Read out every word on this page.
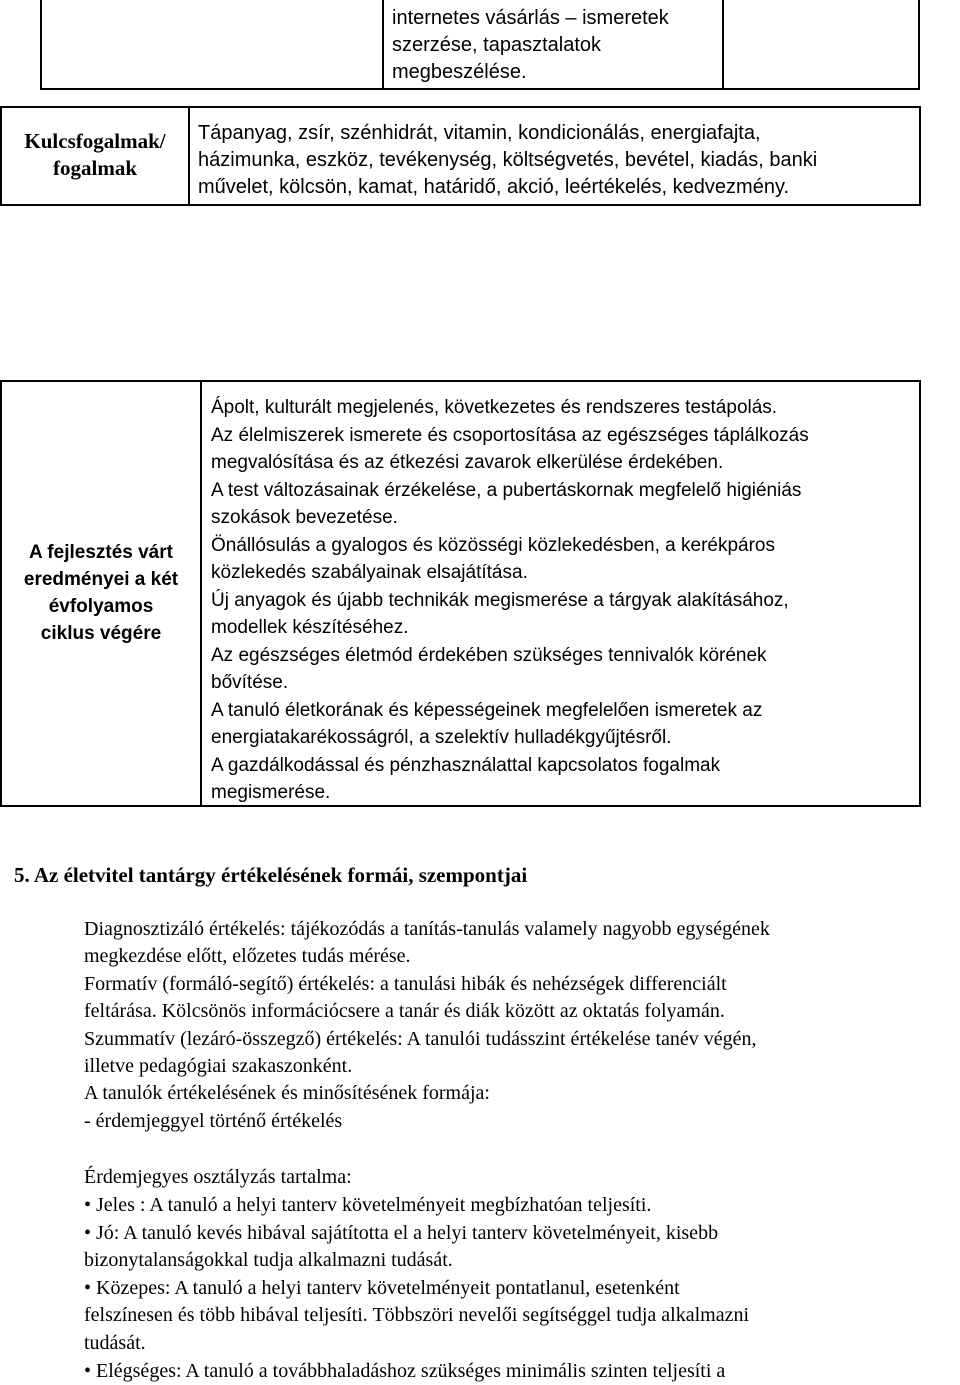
internetes vásárlás – ismeretek
szerzése, tapasztalatok
megbeszélése.
Kulcsfogalmak/
fogalmak
Tápanyag, zsír, szénhidrát, vitamin, kondicionálás, energiafajta,
házimunka, eszköz, tevékenység, költségvetés, bevétel, kiadás, banki
művelet, kölcsön, kamat, határidő, akció, leértékelés, kedvezmény.
A fejlesztés várt
eredményei a két
évfolyamos
ciklus végére
Ápolt, kulturált megjelenés, következetes és rendszeres testápolás.
Az élelmiszerek ismerete és csoportosítása az egészséges táplálkozás
megvalósítása és az étkezési zavarok elkerülése érdekében.
A test változásainak érzékelése, a pubertáskornak megfelelő higiéniás
szokások bevezetése.
Önállósulás a gyalogos és közösségi közlekedésben, a kerékpáros
közlekedés szabályainak elsajátítása.
Új anyagok és újabb technikák megismerése a tárgyak alakításához,
modellek készítéséhez.
Az egészséges életmód érdekében szükséges tennivalók körének
bővítése.
A tanuló életkorának és képességeinek megfelelően ismeretek az
energiatakarékosságról, a szelektív hulladékgyűjtésről.
A gazdálkodással és pénzhasználattal kapcsolatos fogalmak
megismerése.
5. Az életvitel tantárgy értékelésének formái, szempontjai
Diagnosztizáló értékelés: tájékozódás a tanítás-tanulás valamely nagyobb egységének
megkezdése előtt, előzetes tudás mérése.
Formatív (formáló-segítő) értékelés: a tanulási hibák és nehézségek differenciált
feltárása. Kölcsönös információcsere a tanár és diák között az oktatás folyamán.
Szummatív (lezáró-összegző) értékelés: A tanulói tudásszint értékelése tanév végén,
illetve pedagógiai szakaszonként.
A tanulók értékelésének és minősítésének formája:
- érdemjeggyel történő értékelés
Érdemjegyes osztályzás tartalma:
• Jeles : A tanuló a helyi tanterv követelményeit megbízhatóan teljesíti.
• Jó: A tanuló kevés hibával sajátította el a helyi tanterv követelményeit, kisebb
bizonytalanságokkal tudja alkalmazni tudását.
• Közepes: A tanuló a helyi tanterv követelményeit pontatlanul, esetenként
felszínesen és több hibával teljesíti. Többszöri nevelői segítséggel tudja alkalmazni
tudását.
• Elégséges: A tanuló a továbbhaladáshoz szükséges minimális szinten teljesíti a
